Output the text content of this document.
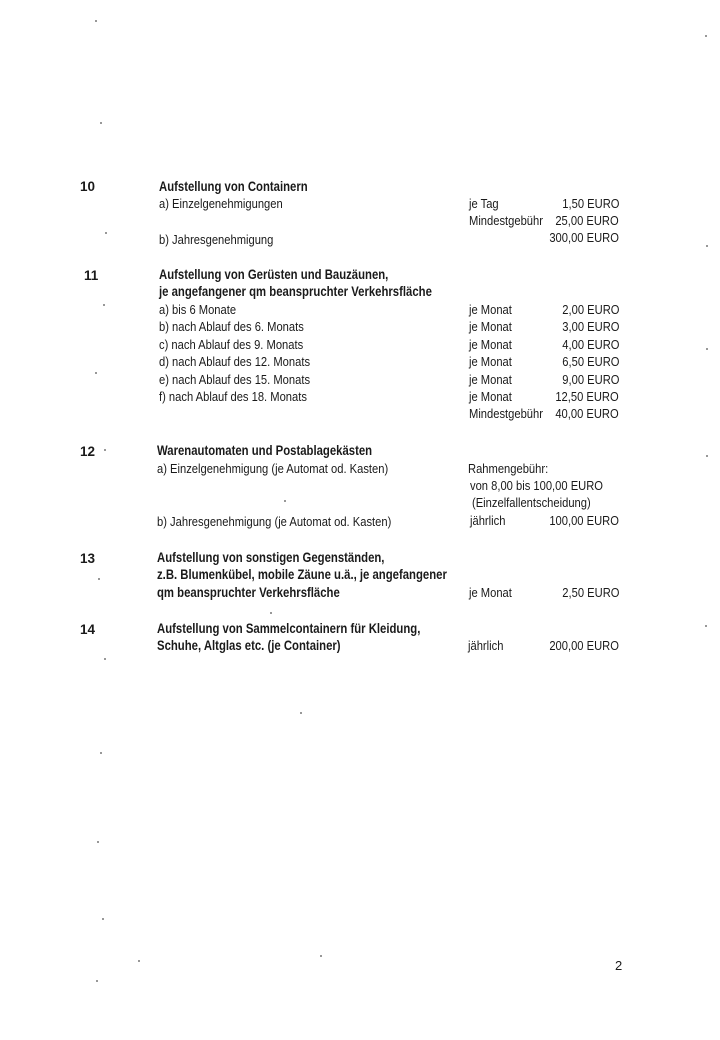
10	Aufstellung von Containern
a) Einzelgenehmigungen	je Tag	1,50 EURO
Mindestgebühr 25,00 EURO
b) Jahresgenehmigung	300,00 EURO
11	Aufstellung von Gerüsten und Bauzäunen,
je angefangener qm beanspruchter Verkehrsfläche
a) bis 6 Monate	je Monat	2,00 EURO
b) nach Ablauf des 6. Monats	je Monat	3,00 EURO
c) nach Ablauf des 9. Monats	je Monat	4,00 EURO
d) nach Ablauf des 12. Monats	je Monat	6,50 EURO
e) nach Ablauf des 15. Monats	je Monat	9,00 EURO
f) nach Ablauf des 18. Monats	je Monat	12,50 EURO
Mindestgebühr 40,00 EURO
12	Warenautomaten und Postablagekästen
a) Einzelgenehmigung (je Automat od. Kasten)	Rahmengebühr:
von 8,00 bis 100,00 EURO
(Einzelfallentscheidung)
b) Jahresgenehmigung (je Automat od. Kasten)	jährlich	100,00 EURO
13	Aufstellung von sonstigen Gegenständen,
z.B. Blumenkübel, mobile Zäune u.ä., je angefangener
qm beanspruchter Verkehrsfläche	je Monat	2,50 EURO
14	Aufstellung von Sammelcontainern für Kleidung,
Schuhe, Altglas etc. (je Container)	jährlich	200,00 EURO
2
